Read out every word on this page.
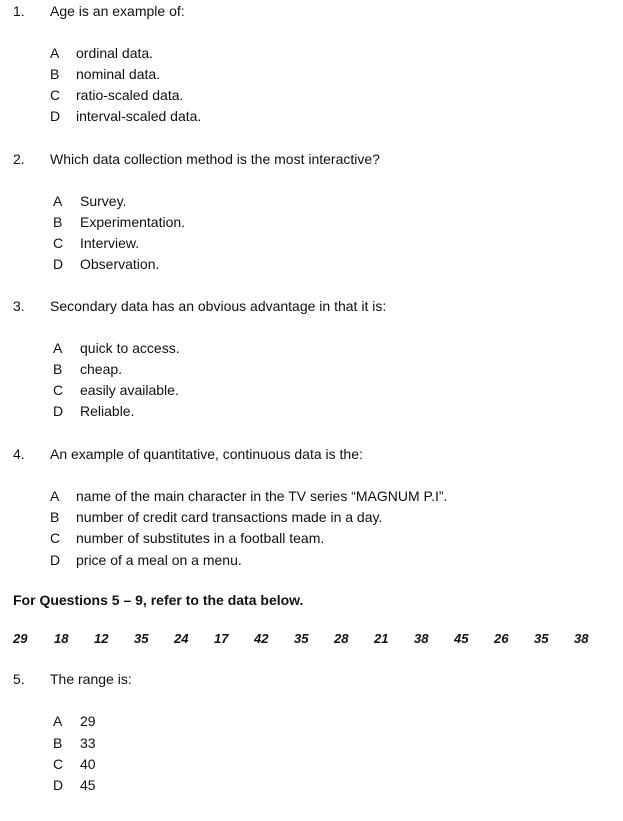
1. Age is an example of:
A ordinal data.
B nominal data.
C ratio-scaled data.
D interval-scaled data.
2. Which data collection method is the most interactive?
A Survey.
B Experimentation.
C Interview.
D Observation.
3. Secondary data has an obvious advantage in that it is:
A quick to access.
B cheap.
C easily available.
D Reliable.
4. An example of quantitative, continuous data is the:
A name of the main character in the TV series “MAGNUM P.I”.
B number of credit card transactions made in a day.
C number of substitutes in a football team.
D price of a meal on a menu.
For Questions 5 – 9, refer to the data below.
29 18 12 35 24 17 42 35 28 21 38 45 26 35 38
5. The range is:
A 29
B 33
C 40
D 45
